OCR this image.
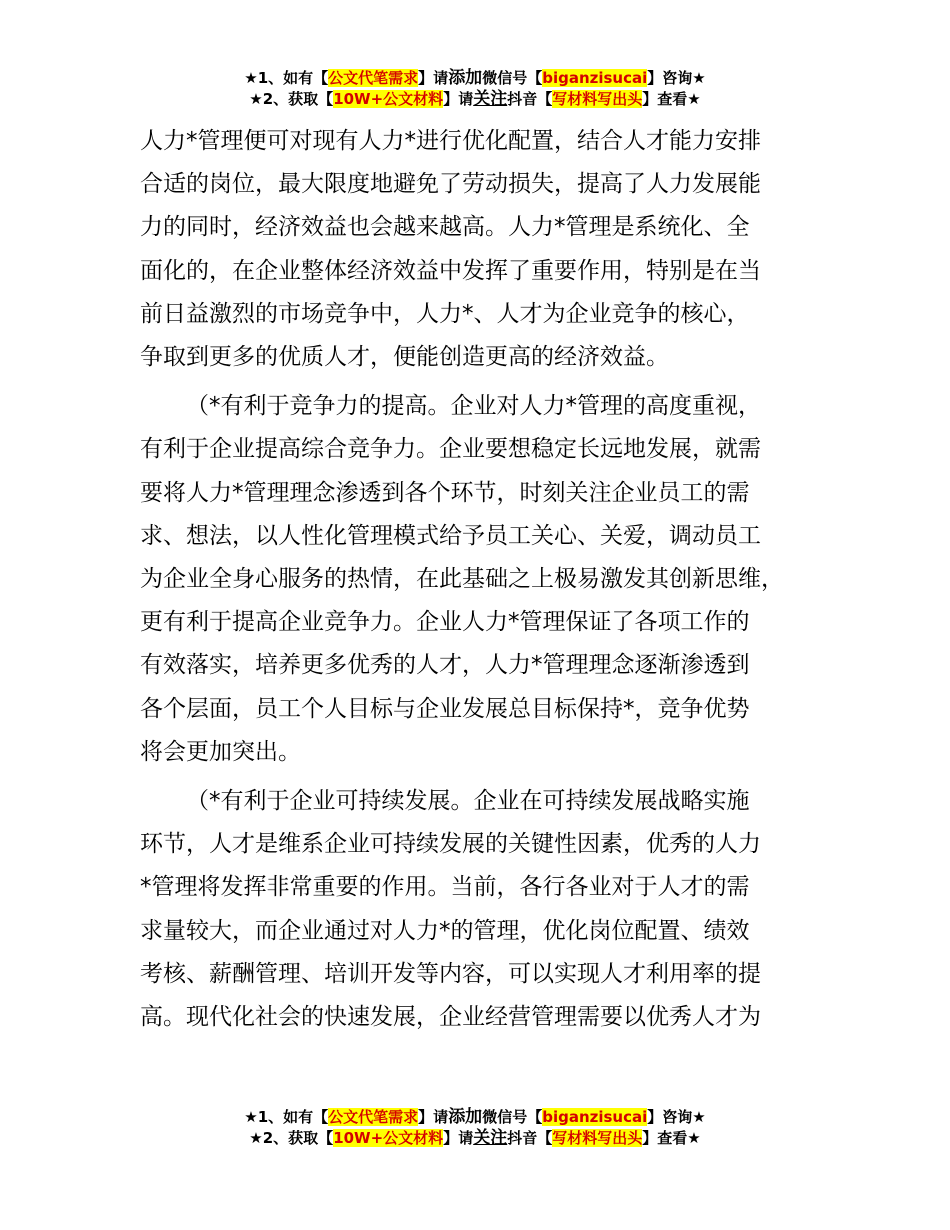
★1、如有【公文代笔需求】请添加微信号【biganzisucai】咨询★
★2、获取【10W+公文材料】请关注抖音【写材料写出头】查看★

人力*管理便可对现有人力*进行优化配置，结合人才能力安排
合适的岗位，最大限度地避免了劳动损失，提高了人力发展能
力的同时，经济效益也会越来越高。人力*管理是系统化、全
面化的，在企业整体经济效益中发挥了重要作用，特别是在当
前日益激烈的市场竞争中，人力*、人才为企业竞争的核心，
争取到更多的优质人才，便能创造更高的经济效益。

（*有利于竞争力的提高。企业对人力*管理的高度重视，
有利于企业提高综合竞争力。企业要想稳定长远地发展，就需
要将人力*管理理念渗透到各个环节，时刻关注企业员工的需
求、想法，以人性化管理模式给予员工关心、关爱，调动员工
为企业全身心服务的热情，在此基础之上极易激发其创新思维，
更有利于提高企业竞争力。企业人力*管理保证了各项工作的
有效落实，培养更多优秀的人才，人力*管理理念逐渐渗透到
各个层面，员工个人目标与企业发展总目标保持*，竞争优势
将会更加突出。

（*有利于企业可持续发展。企业在可持续发展战略实施
环节，人才是维系企业可持续发展的关键性因素，优秀的人力
*管理将发挥非常重要的作用。当前，各行各业对于人才的需
求量较大，而企业通过对人力*的管理，优化岗位配置、绩效
考核、薪酬管理、培训开发等内容，可以实现人才利用率的提
高。现代化社会的快速发展，企业经营管理需要以优秀人才为

★1、如有【公文代笔需求】请添加微信号【biganzisucai】咨询★
★2、获取【10W+公文材料】请关注抖音【写材料写出头】查看★
